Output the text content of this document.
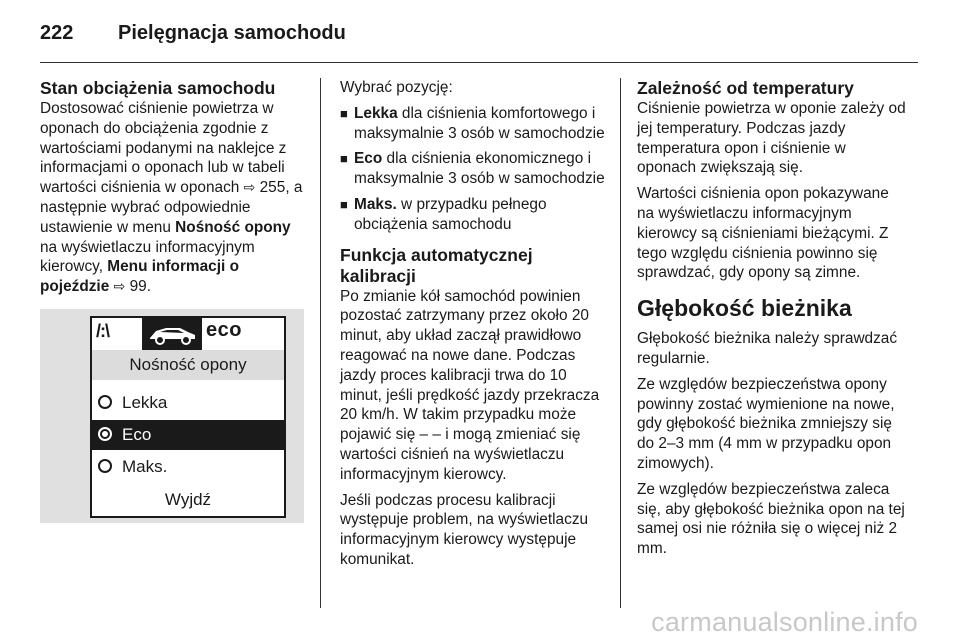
222 Pielęgnacja samochodu
Stan obciążenia samochodu

Dostosować ciśnienie powietrza w oponach do obciążenia zgodnie z wartościami podanymi na naklejce z informacjami o oponach lub w tabeli wartości ciśnienia w oponach ⇨ 255, a następnie wybrać odpowiednie ustawienie w menu Nośność opony na wyświetlaczu informacyjnym kierowcy, Menu informacji o pojeździe ⇨ 99.

/:\	eco
Nośność opony
Lekka
Eco
Maks.
Wyjdź

Wybrać pozycję:

■ Lekka dla ciśnienia komfortowego i maksymalnie 3 osób w samochodzie
■ Eco dla ciśnienia ekonomicznego i maksymalnie 3 osób w samochodzie
■ Maks. w przypadku pełnego obciążenia samochodu
Funkcja automatycznej kalibracji

Po zmianie kół samochód powinien pozostać zatrzymany przez około 20 minut, aby układ zaczął prawidłowo reagować na nowe dane. Podczas jazdy proces kalibracji trwa do 10 minut, jeśli prędkość jazdy przekracza 20 km/h. W takim przypadku może pojawić się – – i mogą zmieniać się wartości ciśnień na wyświetlaczu informacyjnym kierowcy.

Jeśli podczas procesu kalibracji występuje problem, na wyświetlaczu informacyjnym kierowcy występuje komunikat.

Zależność od temperatury

Ciśnienie powietrza w oponie zależy od jej temperatury. Podczas jazdy temperatura opon i ciśnienie w oponach zwiększają się.

Wartości ciśnienia opon pokazywane na wyświetlaczu informacyjnym kierowcy są ciśnieniami bieżącymi. Z tego względu ciśnienia powinno się sprawdzać, gdy opony są zimne.

Głębokość bieżnika

Głębokość bieżnika należy sprawdzać regularnie.

Ze względów bezpieczeństwa opony powinny zostać wymienione na nowe, gdy głębokość bieżnika zmniejszy się do 2–3 mm (4 mm w przypadku opon zimowych).

Ze względów bezpieczeństwa zaleca się, aby głębokość bieżnika opon na tej samej osi nie różniła się o więcej niż 2 mm.

carmanualsonline.info
